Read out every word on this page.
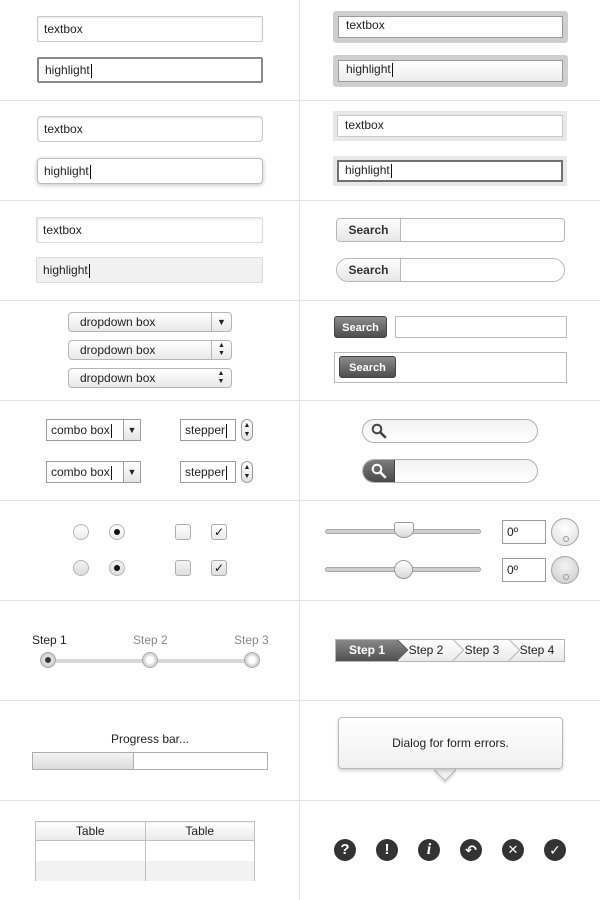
textbox
highlight
textbox
highlight
textbox
highlight
textbox
highlight
textbox
highlight
Search
Search
dropdown box	▼
dropdown box	▲
▼
dropdown box	▲
▼
Search
Search
combo box	▼
combo box	▼
stepper	▲
▼
stepper	▲
▼
✓
✓
0º
0º
Step 1	Step 2	Step 3
Step 1	Step 2	Step 3	Step 4
Progress bar...	Dialog for form errors.
Table	Table

?	!	i	↶	✕	✓
